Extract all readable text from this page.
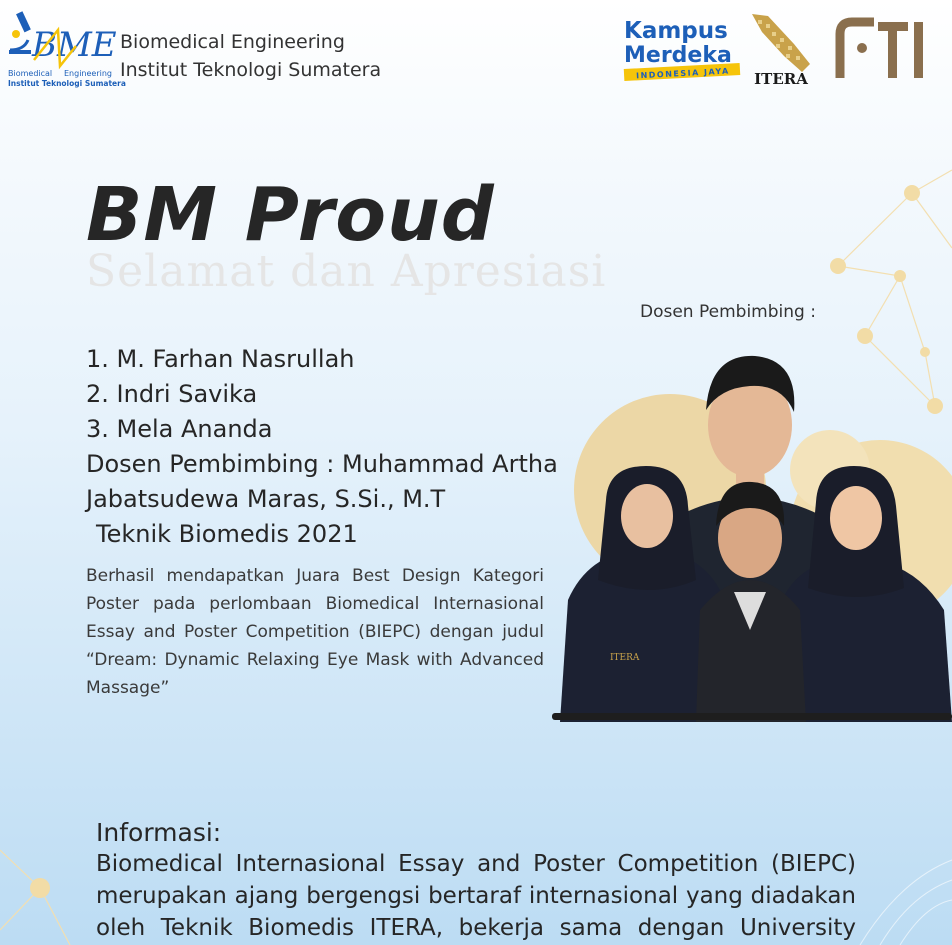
BME
Biomedical Engineering
Institut Teknologi Sumatera
Biomedical Engineering
Institut Teknologi Sumatera
Kampus
Merdeka
INDONESIA JAYA ITERA
FTI
BM Proud
Selamat dan Apresiasi
Dosen Pembimbing :
1. M. Farhan Nasrullah
2. Indri Savika
3. Mela Ananda
Dosen Pembimbing : Muhammad Artha
Jabatsudewa Maras, S.Si., M.T
Teknik Biomedis 2021

Berhasil mendapatkan Juara Best Design Kategori Poster pada perlombaan Biomedical Internasional Essay and Poster Competition (BIEPC) dengan judul “Dream: Dynamic Relaxing Eye Mask with Advanced Massage”

ITERA
Informasi:

Biomedical Internasional Essay and Poster Competition (BIEPC) merupakan ajang bergengsi bertaraf internasional yang diadakan oleh Teknik Biomedis ITERA, bekerja sama dengan University
